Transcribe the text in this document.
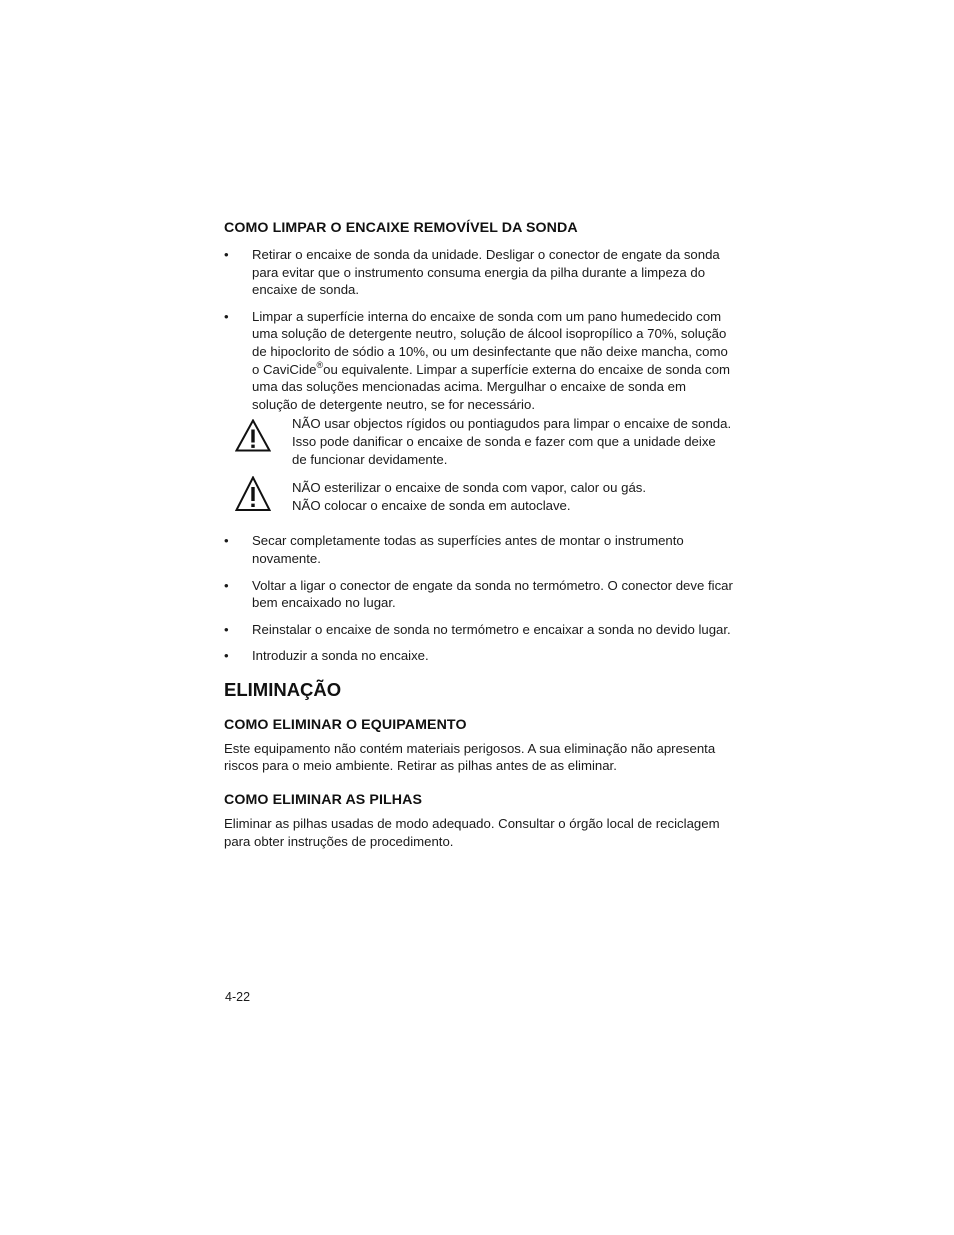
COMO LIMPAR O ENCAIXE REMOVÍVEL DA SONDA
• Retirar o encaixe de sonda da unidade. Desligar o conector de engate da sonda para evitar que o instrumento consuma energia da pilha durante a limpeza do encaixe de sonda.
• Limpar a superfície interna do encaixe de sonda com um pano humedecido com uma solução de detergente neutro, solução de álcool isopropílico a 70%, solução de hipoclorito de sódio a 10%, ou um desinfectante que não deixe mancha, como o CaviCide®ou equivalente. Limpar a superfície externa do encaixe de sonda com uma das soluções mencionadas acima. Mergulhar o encaixe de sonda em solução de detergente neutro, se for necessário.
NÃO usar objectos rígidos ou pontiagudos para limpar o encaixe de sonda. Isso pode danificar o encaixe de sonda e fazer com que a unidade deixe de funcionar devidamente.
NÃO esterilizar o encaixe de sonda com vapor, calor ou gás.
NÃO colocar o encaixe de sonda em autoclave.
• Secar completamente todas as superfícies antes de montar o instrumento novamente.
• Voltar a ligar o conector de engate da sonda no termómetro. O conector deve ficar bem encaixado no lugar.
• Reinstalar o encaixe de sonda no termómetro e encaixar a sonda no devido lugar.
• Introduzir a sonda no encaixe.
ELIMINAÇÃO
COMO ELIMINAR O EQUIPAMENTO

Este equipamento não contém materiais perigosos. A sua eliminação não apresenta riscos para o meio ambiente. Retirar as pilhas antes de as eliminar.

COMO ELIMINAR AS PILHAS

Eliminar as pilhas usadas de modo adequado. Consultar o órgão local de reciclagem para obter instruções de procedimento.

4-22
